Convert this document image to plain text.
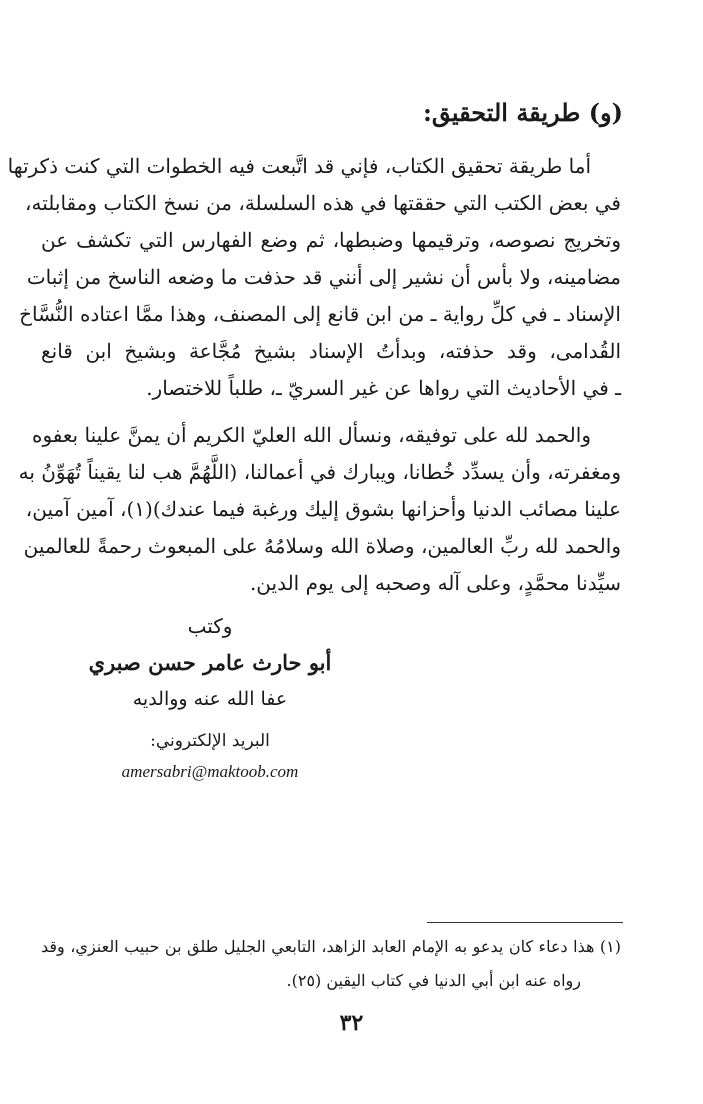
(و) طريقة التحقيق:
أما طريقة تحقيق الكتاب، فإني قد اتَّبعت فيه الخطوات التي كنت ذكرتها
في بعض الكتب التي حققتها في هذه السلسلة، من نسخ الكتاب ومقابلته،
وتخريج نصوصه، وترقيمها وضبطها، ثم وضع الفهارس التي تكشف عن
مضامينه، ولا بأس أن نشير إلى أنني قد حذفت ما وضعه الناسخ من إثبات
الإسناد ـ في كلِّ رواية ـ من ابن قانع إلى المصنف، وهذا ممَّا اعتاده النُّسَّاخ
القُدامى، وقد حذفته، وبدأتُ الإسناد بشيخ مُجَّاعة وبشيخ ابن قانع
ـ في الأحاديث التي رواها عن غير السريّ ـ، طلباً للاختصار.
والحمد لله على توفيقه، ونسأل الله العليّ الكريم أن يمنَّ علينا بعفوه
ومغفرته، وأن يسدِّد خُطانا، ويبارك في أعمالنا، (اللَّهُمَّ هب لنا يقيناً تُهَوِّنُ به
علينا مصائب الدنيا وأحزانها بشوق إليك ورغبة فيما عندك)(١)، آمين آمين،
والحمد لله ربِّ العالمين، وصلاة الله وسلامُهُ على المبعوث رحمةً للعالمين
سيِّدنا محمَّدٍ، وعلى آله وصحبه إلى يوم الدين.
وكتب
أبو حارث عامر حسن صبري
عفا الله عنه ووالديه
البريد الإلكتروني:
amersabri@maktoob.com
(١) هذا دعاء كان يدعو به الإمام العابد الزاهد، التابعي الجليل طلق بن حبيب العنزي، وقد
رواه عنه ابن أبي الدنيا في كتاب اليقين (٢٥).
٣٢
